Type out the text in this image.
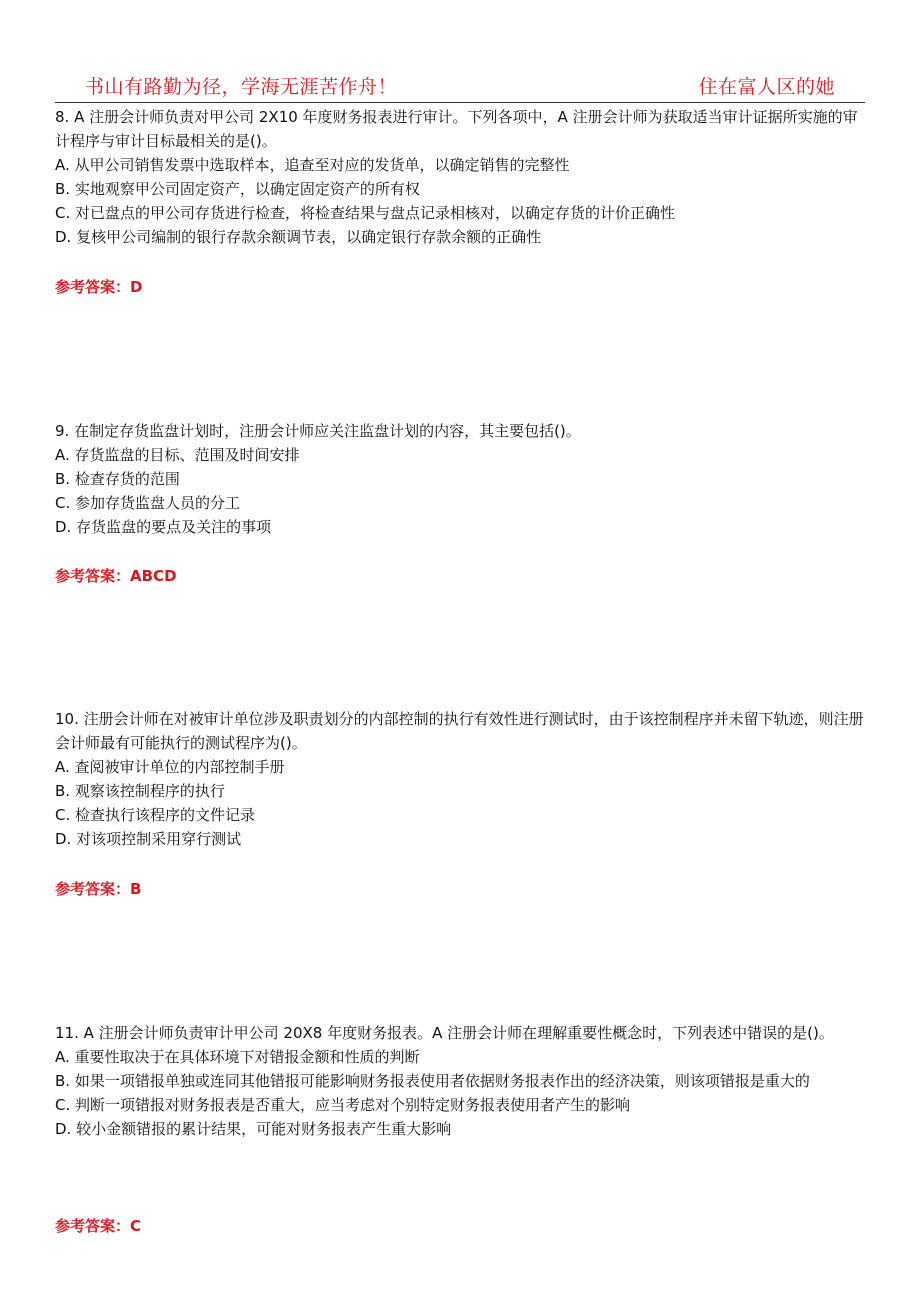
书山有路勤为径，学海无涯苦作舟！	住在富人区的她

8. A 注册会计师负责对甲公司 2X10 年度财务报表进行审计。下列各项中，A 注册会计师为获取适当审计证据所实施的审计程序与审计目标最相关的是()。

A. 从甲公司销售发票中选取样本，追查至对应的发货单，以确定销售的完整性

B. 实地观察甲公司固定资产，以确定固定资产的所有权

C. 对已盘点的甲公司存货进行检查，将检查结果与盘点记录相核对，以确定存货的计价正确性

D. 复核甲公司编制的银行存款余额调节表，以确定银行存款余额的正确性

参考答案：D

9. 在制定存货监盘计划时，注册会计师应关注监盘计划的内容，其主要包括()。

A. 存货监盘的目标、范围及时间安排

B. 检查存货的范围

C. 参加存货监盘人员的分工

D. 存货监盘的要点及关注的事项

参考答案：ABCD

10. 注册会计师在对被审计单位涉及职责划分的内部控制的执行有效性进行测试时，由于该控制程序并未留下轨迹，则注册会计师最有可能执行的测试程序为()。

A. 查阅被审计单位的内部控制手册

B. 观察该控制程序的执行

C. 检查执行该程序的文件记录

D. 对该项控制采用穿行测试

参考答案：B

11. A 注册会计师负责审计甲公司 20X8 年度财务报表。A 注册会计师在理解重要性概念时，下列表述中错误的是()。

A. 重要性取决于在具体环境下对错报金额和性质的判断

B. 如果一项错报单独或连同其他错报可能影响财务报表使用者依据财务报表作出的经济决策，则该项错报是重大的

C. 判断一项错报对财务报表是否重大，应当考虑对个别特定财务报表使用者产生的影响

D. 较小金额错报的累计结果，可能对财务报表产生重大影响

参考答案：C
